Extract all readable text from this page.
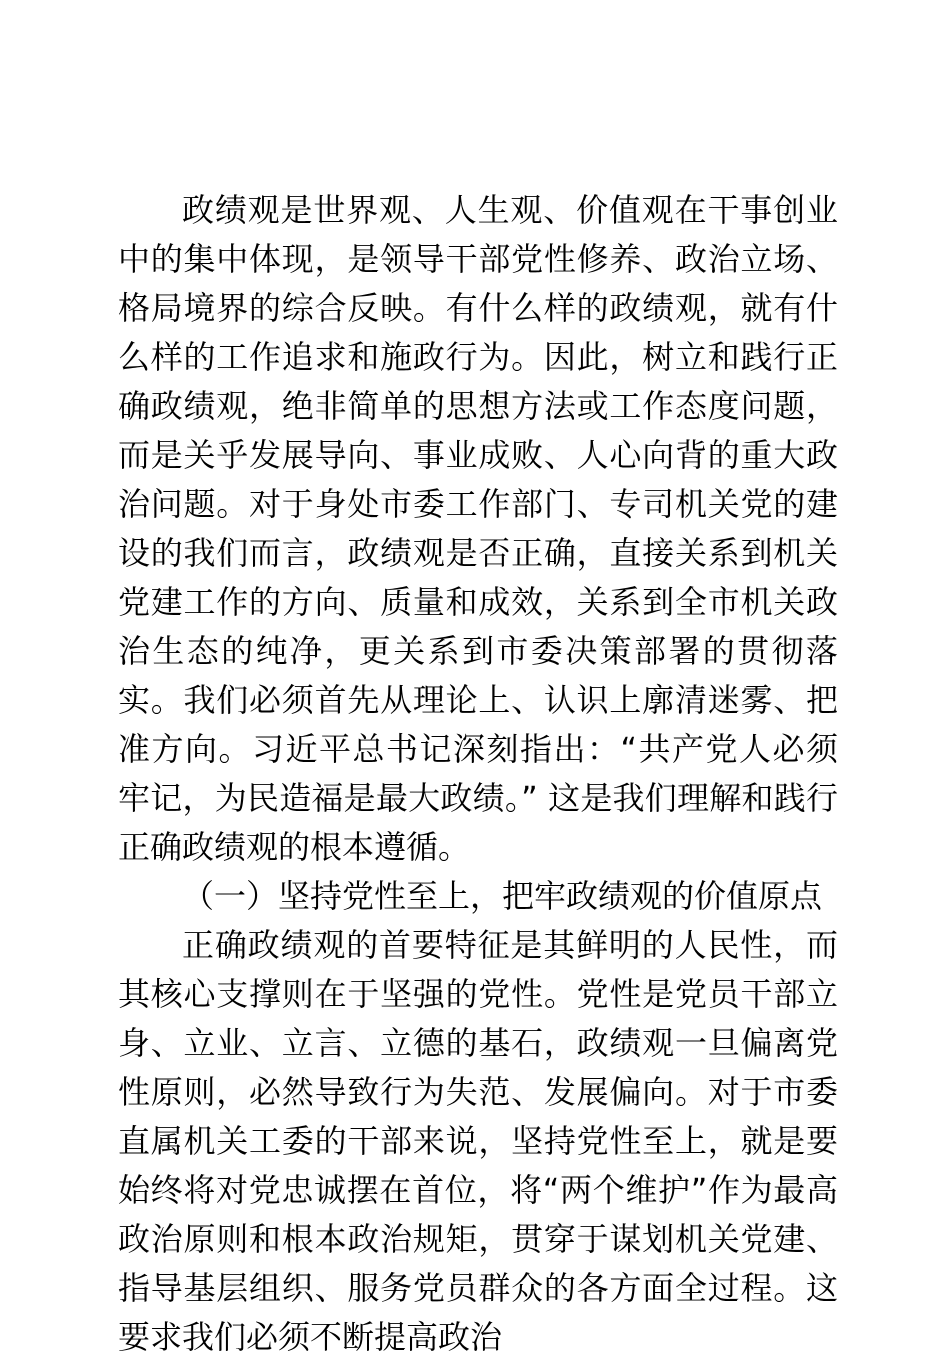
政绩观是世界观、人生观、价值观在干事创业中的集中体现，是领导干部党性修养、政治立场、格局境界的综合反映。有什么样的政绩观，就有什么样的工作追求和施政行为。因此，树立和践行正确政绩观，绝非简单的思想方法或工作态度问题，而是关乎发展导向、事业成败、人心向背的重大政治问题。对于身处市委工作部门、专司机关党的建设的我们而言，政绩观是否正确，直接关系到机关党建工作的方向、质量和成效，关系到全市机关政治生态的纯净，更关系到市委决策部署的贯彻落实。我们必须首先从理论上、认识上廓清迷雾、把准方向。习近平总书记深刻指出：“共产党人必须牢记，为民造福是最大政绩。” 这是我们理解和践行正确政绩观的根本遵循。

（一）坚持党性至上，把牢政绩观的价值原点

正确政绩观的首要特征是其鲜明的人民性，而其核心支撑则在于坚强的党性。党性是党员干部立身、立业、立言、立德的基石，政绩观一旦偏离党性原则，必然导致行为失范、发展偏向。对于市委直属机关工委的干部来说，坚持党性至上，就是要始终将对党忠诚摆在首位，将“两个维护”作为最高政治原则和根本政治规矩，贯穿于谋划机关党建、指导基层组织、服务党员群众的各方面全过程。这要求我们必须不断提高政治
